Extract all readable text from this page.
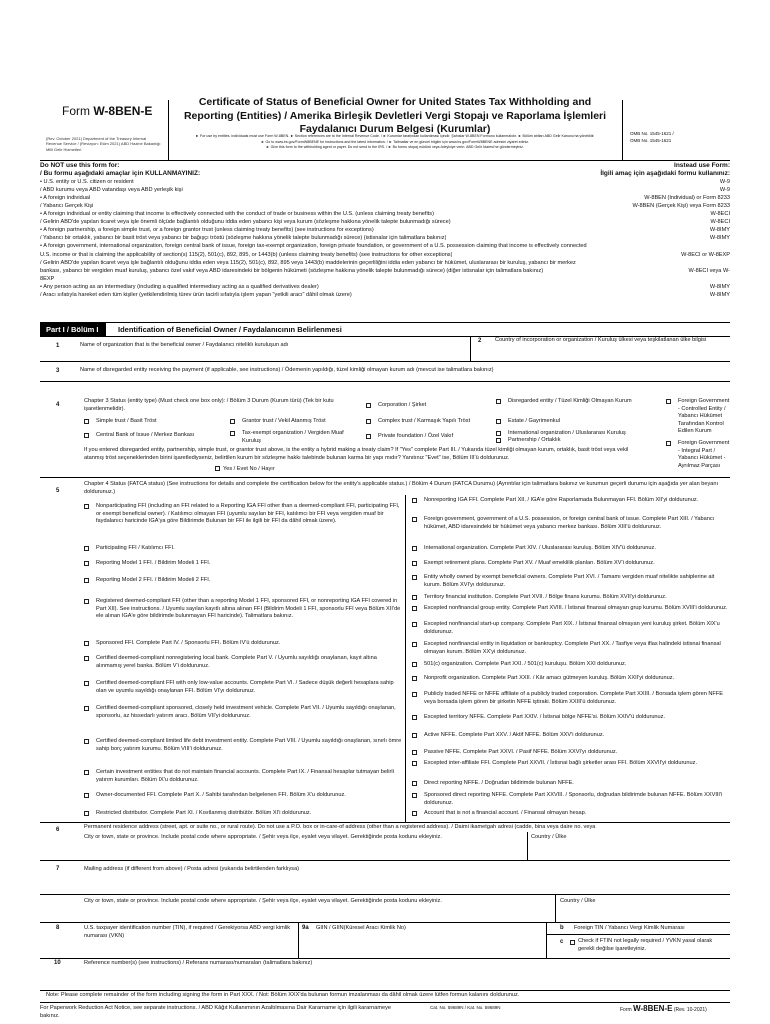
Form W-8BEN-E
(Rev. October 2021) Department of the Treasury Internal Revenue Service / (Revizyon: Ekim 2021) ABD Hazine Bakanlığı Milli Gelir Hizmetleri
Certificate of Status of Beneficial Owner for United States Tax Withholding and
Reporting (Entities) / Amerika Birleşik Devletleri Vergi Stopajı ve Raporlama İşlemleri
Faydalanıcı Durum Belgesi (Kurumlar)
► For use by entities. Individuals must use Form W-8BEN. ► Section references are to the Internal Revenue Code. / ► Kurumlar tarafından kullanılması içindir. Şahıslar W-8BEN Formunu kullanmalıdır. ► Bölüm atıfları ABD Gelir Kanunu'na yöneliktir.
► Go to www.irs.gov/FormW8BENE for instructions and the latest information. / ► Talimatlar ve en güncel bilgiler için www.irs.gov/FormW8BENE adresini ziyaret ediniz.
► Give this form to the withholding agent or payer. Do not send to the IRS. / ► Bu formu stopaj müdürü veya ödeyiciye verin. ABD Gelir İdaresi'ne göndermeyiniz.
OMB No. 1545-1621 /
OMB No. 1545-1621
Do NOT use this form for:
/ Bu formu aşağıdaki amaçlar için KULLANMAYINIZ:
Instead use Form:
İlgili amaç için aşağıdaki formu kullanınız:
• U.S. entity or U.S. citizen or resident	W-9
/ ABD kurumu veya ABD vatandaşı veya ABD yerleşik kişi	W-9
• A foreign individual	W-8BEN (Individual) or Form 8233
/ Yabancı Gerçek Kişi	W-8BEN (Gerçek Kişi) veya Form 8233
• A foreign individual or entity claiming that income is effectively connected with the conduct of trade or business within the U.S. (unless claiming treaty benefits)	W-8ECI
/ Gelirin ABD'de yapılan ticaret veya işle önemli ölçüde bağlantılı olduğunu iddia eden yabancı kişi veya kurum (sözleşme hakkına yönelik talepte bulunmadığı sürece)	W-8ECI
• A foreign partnership, a foreign simple trust, or a foreign grantor trust (unless claiming treaty benefits) (see instructions for exceptions)	W-8IMY
/ Yabancı bir ortaklık, yabancı bir basit tröst veya yabancı bir bağışçı tröstü (sözleşme hakkına yönelik talepte bulunmadığı sürece) (istisnalar için talimatlara bakınız)	W-8IMY
• A foreign government, international organization, foreign central bank of issue, foreign tax-exempt organization, foreign private foundation, or government of a U.S. possession claiming that income is effectively connected
U.S. income or that is claiming the applicability of section(s) 115(2), 501(c), 892, 895, or 1443(b) (unless claiming treaty benefits) (see instructions for other exceptions)	W-8ECI or W-8EXP
/ Gelirin ABD'de yapılan ticaret veya işle bağlantılı olduğunu iddia eden veya 115(2), 501(c), 892, 895 veya 1443(b) maddelerinin geçerliliğini iddia eden yabancı bir hükümet, uluslararası bir kuruluş, yabancı bir merkez
bankası, yabancı bir vergiden muaf kuruluş, yabancı özel vakıf veya ABD idaresindeki bir bölgenin hükümeti (sözleşme hakkına yönelik talepte bulunmadığı sürece) (diğer istisnalar için talimatlara bakınız)	W-8ECI veya W-
8EXP
• Any person acting as an intermediary (including a qualified intermediary acting as a qualified derivatives dealer)	W-8IMY
/ Aracı sıfatıyla hareket eden tüm kişiler (yetkilendirilmiş türev ürün tacirli sıfatıyla işlem yapan "yetkili aracı" dâhil olmak üzere)	W-8IMY
Part I / Bölüm I	Identification of Beneficial Owner / Faydalanıcının Belirlenmesi
1	Name of organization that is the beneficial owner / Faydalanıcı niteliklı kuruluşun adı
2 Country of incorporation or organization / Kuruluş ülkesi veya teşkilatlanan ülke bilgisi
3	Name of disregarded entity receiving the payment (if applicable, see instructions) / Ödemenin yapıldığı, tüzel kimliği olmayan kurum adı (mevcut ise talimatlara bakınız)
4
Chapter 3 Status (entity type) (Must check one box only): / Bölüm 3 Durum (Kurum türü) (Tek bir kutu işaretlenmelidir).
Simple trust / Basit Tröst
Central Bank of Issue / Merkez Bankası
Corporation / Şirket
Grantor trust / Vekil Atanmış Tröst	Complex trust / Karmaşık Yapılı Tröst
Tax-exempt organization / Vergiden Muaf Kuruluş
Private foundation / Özel Vakıf
Disregarded entity / Tüzel Kimliği Olmayan Kurum
Estate / Gayrimenkul
International organization / Uluslararası Kuruluş
Partnership / Ortaklık
Foreign Government - Controlled Entity / Yabancı Hükümet Tarafından Kontrol Edilen Kurum
Foreign Government - Integral Part / Yabancı Hükümet - Ayrılmaz Parçası
If you entered disregarded entity, partnership, simple trust, or grantor trust above, is the entity a hybrid making a treaty claim? If "Yes" complete Part III. / Yukarıda tüzel kimliği olmayan kurum, ortaklık, basit tröst veya vekil atanmış tröst seçeneklerinden birini işaretlediyseniz, belirtilen kurum bir sözleşme hakkı talebinde bulunan karma bir yapı mıdır? Yanıtınız "Evet" ise, Bölüm III'ü doldurunuz.
Yes / Evet No / Hayır
5
Chapter 4 Status (FATCA status) (See instructions for details and complete the certification below for the entity's applicable status.) / Bölüm 4 Durum (FATCA Durumu) (Ayrıntılar için talimatlara bakınız ve kurumun geçerli durumu için aşağıda yer alan beyanı doldurunuz.)
Nonparticipating FFI (including an FFI related to a Reporting IGA FFI other than a deemed-compliant FFI, participating FFI, or exempt beneficial owner). / Katılımcı olmayan FFI (uyumlu sayılan bir FFI, katılımcı bir FFI veya vergiden muaf bir faydalanıcı haricinde IGA'ya göre Bildirimde Bulunan bir FFI ile ilgili bir FFI da dâhil olmak üzere).
Participating FFI / Katılımcı FFI.
Reporting Model 1 FFI. / Bildirim Modeli 1 FFI.
Reporting Model 2 FFI. / Bildirim Modeli 2 FFI.
Registered deemed-compliant FFI (other than a reporting Model 1 FFI, sponsored FFI, or nonreporting IGA FFI covered in Part XII). See instructions. / Uyumlu sayılan kayıtlı altına alınan FFI (Bildirim Modeli 1 FFI, sponsorlu FFI veya Bölüm XII'de ele alınan IGA'e göre bildirimde bulunmayan FFI haricinde). Talimatlara bakınız.
Sponsored FFI. Complete Part IV. / Sponsorlu FFI. Bölüm IV'ü doldurunuz.
Certified deemed-compliant nonregistering local bank. Complete Part V. / Uyumlu sayıldığı onaylanan, kayıt altına alınmamış yerel banka. Bölüm V'i doldurunuz.
Certified deemed-compliant FFI with only low-value accounts. Complete Part VI. / Sadece düşük değerli hesaplara sahip olan ve uyumlu sayıldığı onaylanan FFI. Bölüm VI'yı doldurunuz.
Certified deemed-compliant sponsored, closely held investment vehicle. Complete Part VII. / Uyumlu sayıldığı onaylanan, sponsorlu, az hissedarlı yatırım aracı. Bölüm VII'yi doldurunuz.
Certified deemed-compliant limited life debt investment entity. Complete Part VIII. / Uyumlu sayıldığı onaylanan, sınırlı ömre sahip borç yatırım kurumu. Bölüm VIII'i doldurunuz.
Certain investment entities that do not maintain financial accounts. Complete Part IX. / Finansal hesaplar tutmayan belirli yatırım kurumları. Bölüm IX'u doldurunuz.
Owner-documented FFI. Complete Part X. / Sahibi tarafından belgelenen FFI. Bölüm X'u doldurunuz.
Restricted distributor. Complete Part XI. / Kısıtlanmış distribütör. Bölüm XI'i doldurunuz.
Nonreporting IGA FFI. Complete Part XII. / IGA'e göre Raporlamada Bulunmayan FFI. Bölüm XII'yi doldurunuz.
Foreign government, government of a U.S. possession, or foreign central bank of issue. Complete Part XIII. / Yabancı hükümet, ABD idaresindeki bir hükümet veya yabancı merkez bankası. Bölüm XIII'ü doldurunuz.
International organization. Complete Part XIV. / Uluslararası kuruluş. Bölüm XIV'ü doldurunuz.
Exempt retirement plans. Complete Part XV. / Muaf emeklilik planları. Bölüm XV'i doldurunuz.
Entity wholly owned by exempt beneficial owners. Complete Part XVI. / Tamamı vergiden muaf nitelikte sahiplerine ait kurum. Bölüm XVI'yı doldurunuz.
Territory financial institution. Complete Part XVII. / Bölge finans kurumu. Bölüm XVII'yi doldurunuz.
Excepted nonfinancial group entity. Complete Part XVIII. / İstisnai finansal olmayan grup kurumu. Bölüm XVIII'i doldurunuz.
Excepted nonfinancial start-up company. Complete Part XIX. / İstisnai finansal olmayan yeni kuruluş şirket. Bölüm XIX'u doldurunuz.
Excepted nonfinancial entity in liquidation or bankruptcy. Complete Part XX. / Tasfiye veya iflas halindeki istisnai finansal olmayan kurum. Bölüm XX'yi doldurunuz.
501(c) organization. Complete Part XXI. / 501(c) kuruluşu. Bölüm XXI doldurunuz.
Nonprofit organization. Complete Part XXII. / Kâr amacı gütmeyen kuruluş. Bölüm XXII'yi doldurunuz.
Publicly traded NFFE or NFFE affiliate of a publicly traded corporation. Complete Part XXIII. / Borsada işlem gören NFFE veya borsada işlem gören bir şirketin NFFE iştiraki. Bölüm XXIII'ü doldurunuz.
Excepted territory NFFE. Complete Part XXIV. / İstisnai bölge NFFE'si. Bölüm XXIV'ü doldurunuz.
Active NFFE. Complete Part XXV. / Aktif NFFE. Bölüm XXV'i doldurunuz.
Passive NFFE. Complete Part XXVI. / Pasif NFFE. Bölüm XXVI'yı doldurunuz.
Excepted inter-affiliate FFI. Complete Part XXVII. / İstisnai bağlı şirketler arası FFI. Bölüm XXVII'yi doldurunuz.
Direct reporting NFFE. / Doğrudan bildirimde bulunan NFFE.
Sponsored direct reporting NFFE. Complete Part XXVIII. / Sponsorlu, doğrudan bildirimde bulunan NFFE. Bölüm XXVIII'i doldurunuz.
Account that is not a financial account. / Finansal olmayan hesap.
6	Permanent residence address (street, apt. or suite no., or rural route). Do not use a P.O. box or in-care-of address (other than a registered address). / Daimi ikametgah adresi (cadde, bina veya daire no. veya
City or town, state or province. Include postal code where appropriate. / Şehir veya ilçe, eyalet veya vilayet. Gerektiğinde posta kodunu ekleyiniz.	Country / Ülke
7	Mailing address (if different from above) / Posta adresi (yukarıda belirtilenden farklıysa)
City or town, state or province. Include postal code where appropriate. / Şehir veya ilçe, eyalet veya vilayet. Gerektiğinde posta kodunu ekleyiniz.	Country / Ülke
8	U.S. taxpayer identification number (TIN), if required / Gerekiyorsa ABD vergi kimlik numarası (VKN)
9a GIIN / GIIN(Küresel Aracı Kimlik No)	b Foreign TIN / Yabancı Vergi Kimlik Numarası
c	Check if FTIN not legally required / YVKN yasal olarak gerekli değilse işaretleyiniz.
10	Reference number(s) (see instructions) / Referans numarası/numaraları (talimatlara bakınız)
Note: Please complete remainder of the form including signing the form in Part XXX. / Not: Bölüm XXX'da bulunan formun imzalanması da dâhil olmak üzere lütfen formun kalanını doldurunuz.
For Paperwork Reduction Act Notice, see separate instructions. / ABD Kâğıt Kullanımının Azaltılmasına Dair Kararname için ilgili kararnameye bakınız.
Cat. No. 59689N / Kat. No. 59689N	Form W-8BEN-E (Rev. 10-2021)
